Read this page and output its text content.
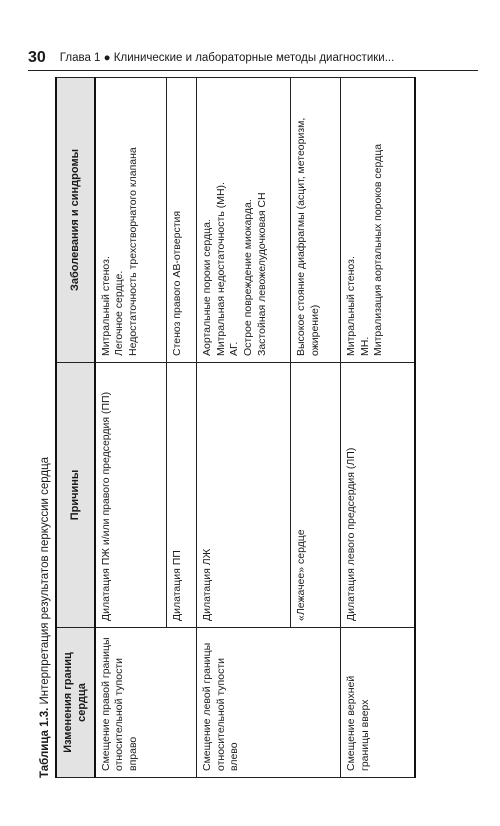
30 Глава 1 ● Клинические и лабораторные методы диагностики...
Таблица 1.3. Интерпретация результатов перкуссии сердца	Изменения границ сердца	Причины	Заболевания и синдромы
Смещение правой границы относительной тупости вправо	Дилатация ПЖ и/или правого предсердия (ПП)	Митральный стеноз. Легочное сердце. Недостаточность трехстворчатого клапана

	Дилатация ПП	Стеноз правого АВ-отверстия

Смещение левой границы относительной тупости влево	Дилатация ЛЖ	Аортальные пороки сердца. Митральная недостаточность (МН). АГ. Острое повреждение миокарда. Застойная левожелудочковая СН

	«Лежачее» сердце	Высокое стояние диафрагмы (асцит, метеоризм, ожирение)

Смещение верхней границы вверх	Дилатация левого предсердия (ЛП)	Митральный стеноз. МН. Митрализация аортальных пороков сердца
